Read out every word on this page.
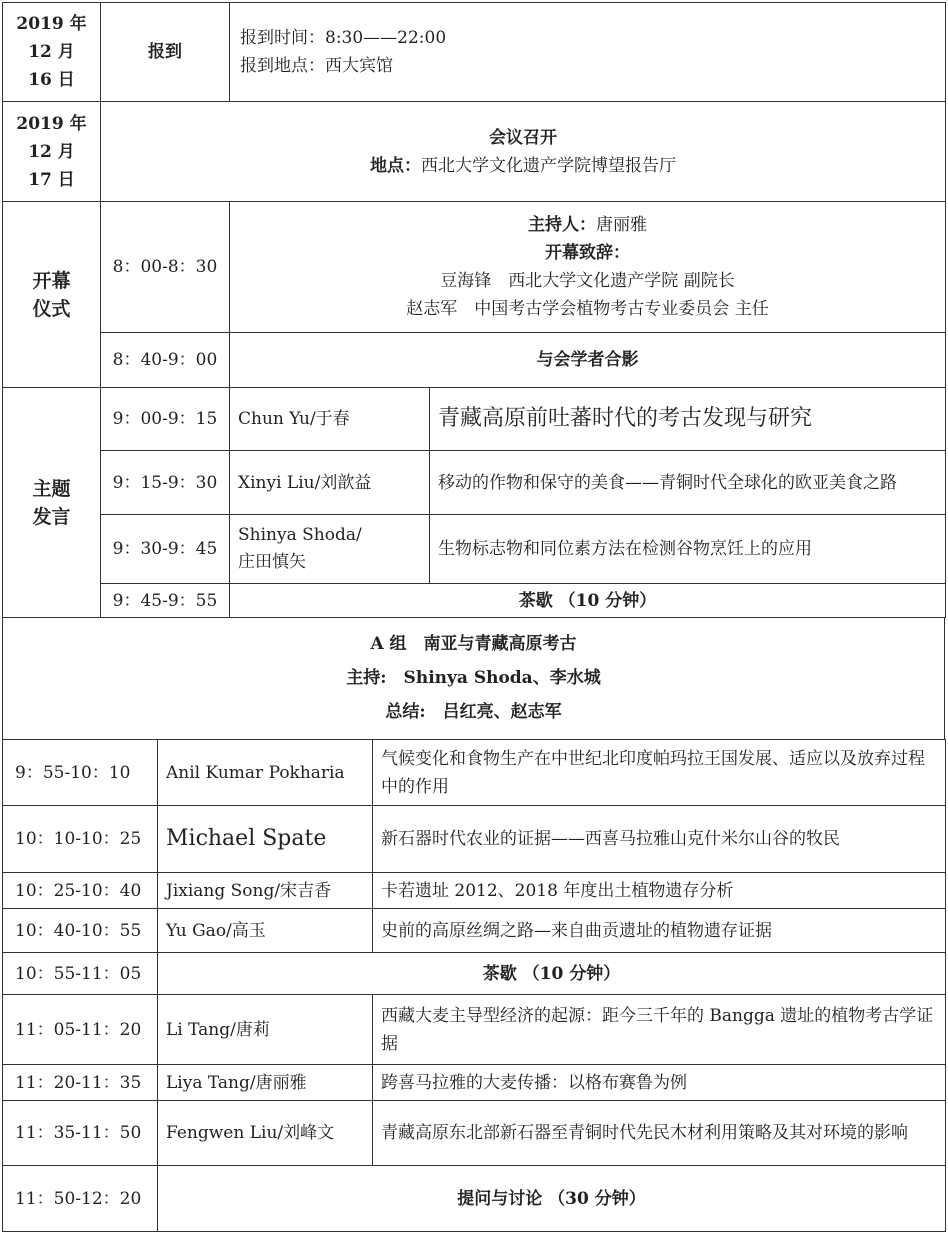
2019 年
12 月
16 日	报到	报到时间：8:30——22:00
报到地点：西大宾馆	

2019 年
12 月
17 日	会议召开
地点：西北大学文化遗产学院博望报告厅		

开幕
仪式	8：00-8：30	主持人：唐丽雅
开幕致辞：
豆海锋　西北大学文化遗产学院 副院长
赵志军　中国考古学会植物考古专业委员会 主任	

	8：40-9：00	与会学者合影	

主题
发言	9：00-9：15	Chun Yu/于春	青藏高原前吐蕃时代的考古发现与研究
	9：15-9：30	Xinyi Liu/刘歆益	移动的作物和保守的美食——青铜时代全球化的欧亚美食之路
	9：30-9：45	Shinya Shoda/
庄田慎矢	生物标志物和同位素方法在检测谷物烹饪上的应用
	9：45-9：55	茶歇 （10 分钟）	
A 组　南亚与青藏高原考古
主持:　Shinya Shoda、李水城
总结:　吕红亮、赵志军
9：55-10：10	Anil Kumar Pokharia	气候变化和食物生产在中世纪北印度帕玛拉王国发展、适应以及放弃过程中的作用
10：10-10：25	Michael Spate	新石器时代农业的证据——西喜马拉雅山克什米尔山谷的牧民
10：25-10：40	Jixiang Song/宋吉香	卡若遗址 2012、2018 年度出土植物遗存分析
10：40-10：55	Yu Gao/高玉	史前的高原丝绸之路—来自曲贡遗址的植物遗存证据
10：55-11：05	茶歇 （10 分钟）	
11：05-11：20	Li Tang/唐莉	西藏大麦主导型经济的起源：距今三千年的 Bangga 遗址的植物考古学证据
11：20-11：35	Liya Tang/唐丽雅	跨喜马拉雅的大麦传播：以格布赛鲁为例
11：35-11：50	Fengwen Liu/刘峰文	青藏高原东北部新石器至青铜时代先民木材利用策略及其对环境的影响
11：50-12：20	提问与讨论 （30 分钟）	
